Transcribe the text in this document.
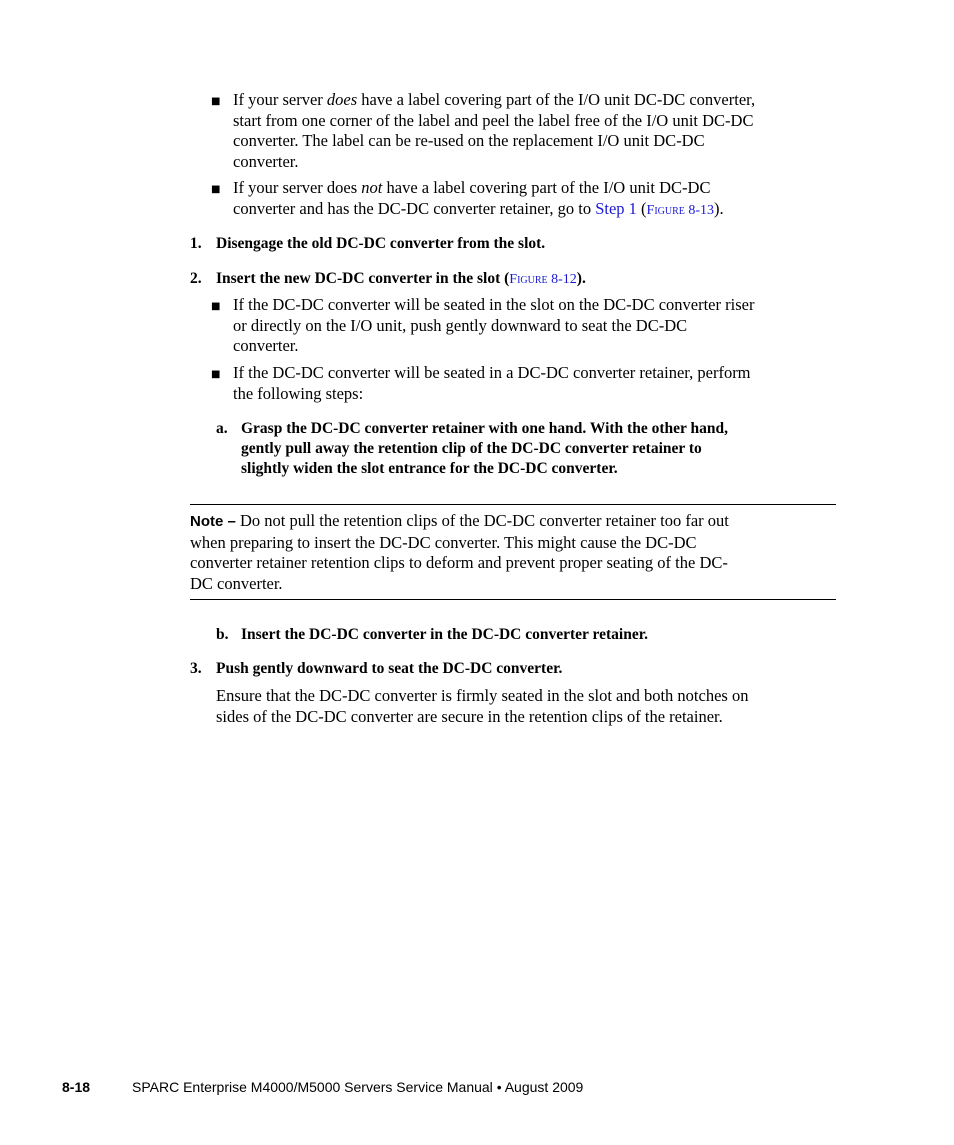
■ If your server does have a label covering part of the I/O unit DC-DC converter,
start from one corner of the label and peel the label free of the I/O unit DC-DC
converter. The label can be re-used on the replacement I/O unit DC-DC
converter.
■ If your server does not have a label covering part of the I/O unit DC-DC
converter and has the DC-DC converter retainer, go to Step 1 (Figure 8-13).
1. Disengage the old DC-DC converter from the slot.
2. Insert the new DC-DC converter in the slot (Figure 8-12).
■ If the DC-DC converter will be seated in the slot on the DC-DC converter riser
or directly on the I/O unit, push gently downward to seat the DC-DC
converter.
■ If the DC-DC converter will be seated in a DC-DC converter retainer, perform
the following steps:
a. Grasp the DC-DC converter retainer with one hand. With the other hand,
gently pull away the retention clip of the DC-DC converter retainer to
slightly widen the slot entrance for the DC-DC converter.
Note – Do not pull the retention clips of the DC-DC converter retainer too far out
when preparing to insert the DC-DC converter. This might cause the DC-DC
converter retainer retention clips to deform and prevent proper seating of the DC-
DC converter.
b. Insert the DC-DC converter in the DC-DC converter retainer.
3. Push gently downward to seat the DC-DC converter.
Ensure that the DC-DC converter is firmly seated in the slot and both notches on
sides of the DC-DC converter are secure in the retention clips of the retainer.
8-18	SPARC Enterprise M4000/M5000 Servers Service Manual • August 2009
